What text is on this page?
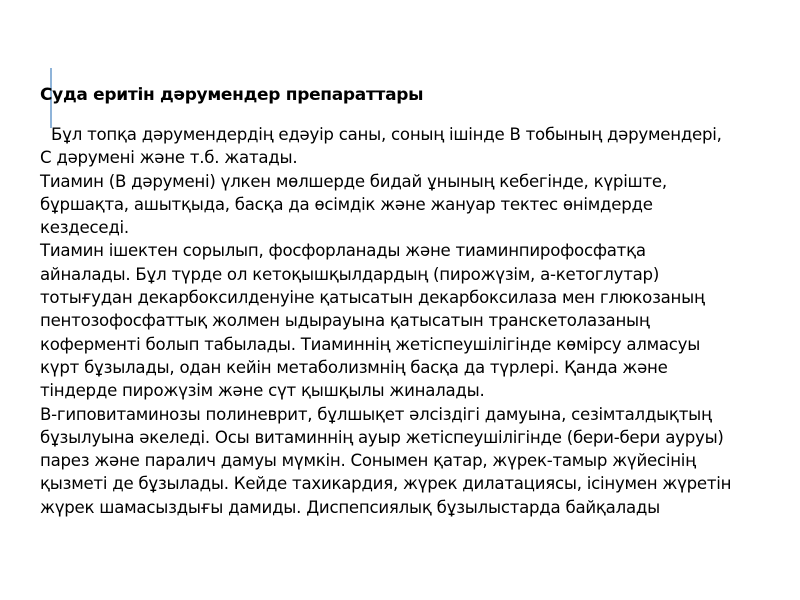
Суда еритін дәрумендер препараттары
Бұл топқа дәрумендердің едәуір саны, соның ішінде В тобының дәрумендері,
С дәрумені және т.б. жатады.
Тиамин (В дәрумені) үлкен мөлшерде бидай ұнының кебегінде, күріште,
бұршақта, ашытқыда, басқа да өсімдік және жануар тектес өнімдерде
кездеседі.
Тиамин ішектен сорылып, фосфорланады және тиаминпирофосфатқа
айналады. Бұл түрде ол кетоқышқылдардың (пирожүзім, а-кетоглутар)
тотығудан декарбоксилденуіне қатысатын декарбоксилаза мен глюкозаның
пентозофосфаттық жолмен ыдырауына қатысатын транскетолазаның
коферменті болып табылады. Тиаминнің жетіспеушілігінде көмірсу алмасуы
күрт бұзылады, одан кейін метаболизмнің басқа да түрлері. Қанда және
тіндерде пирожүзім және сүт қышқылы жиналады.
В-гиповитаминозы полиневрит, бұлшықет әлсіздігі дамуына, сезімталдықтың
бұзылуына әкеледі. Осы витаминнің ауыр жетіспеушілігінде (бери-бери ауруы)
парез және паралич дамуы мүмкін. Сонымен қатар, жүрек-тамыр жүйесінің
қызметі де бұзылады. Кейде тахикардия, жүрек дилатациясы, ісінумен жүретін
жүрек шамасыздығы дамиды. Диспепсиялық бұзылыстарда байқалады
